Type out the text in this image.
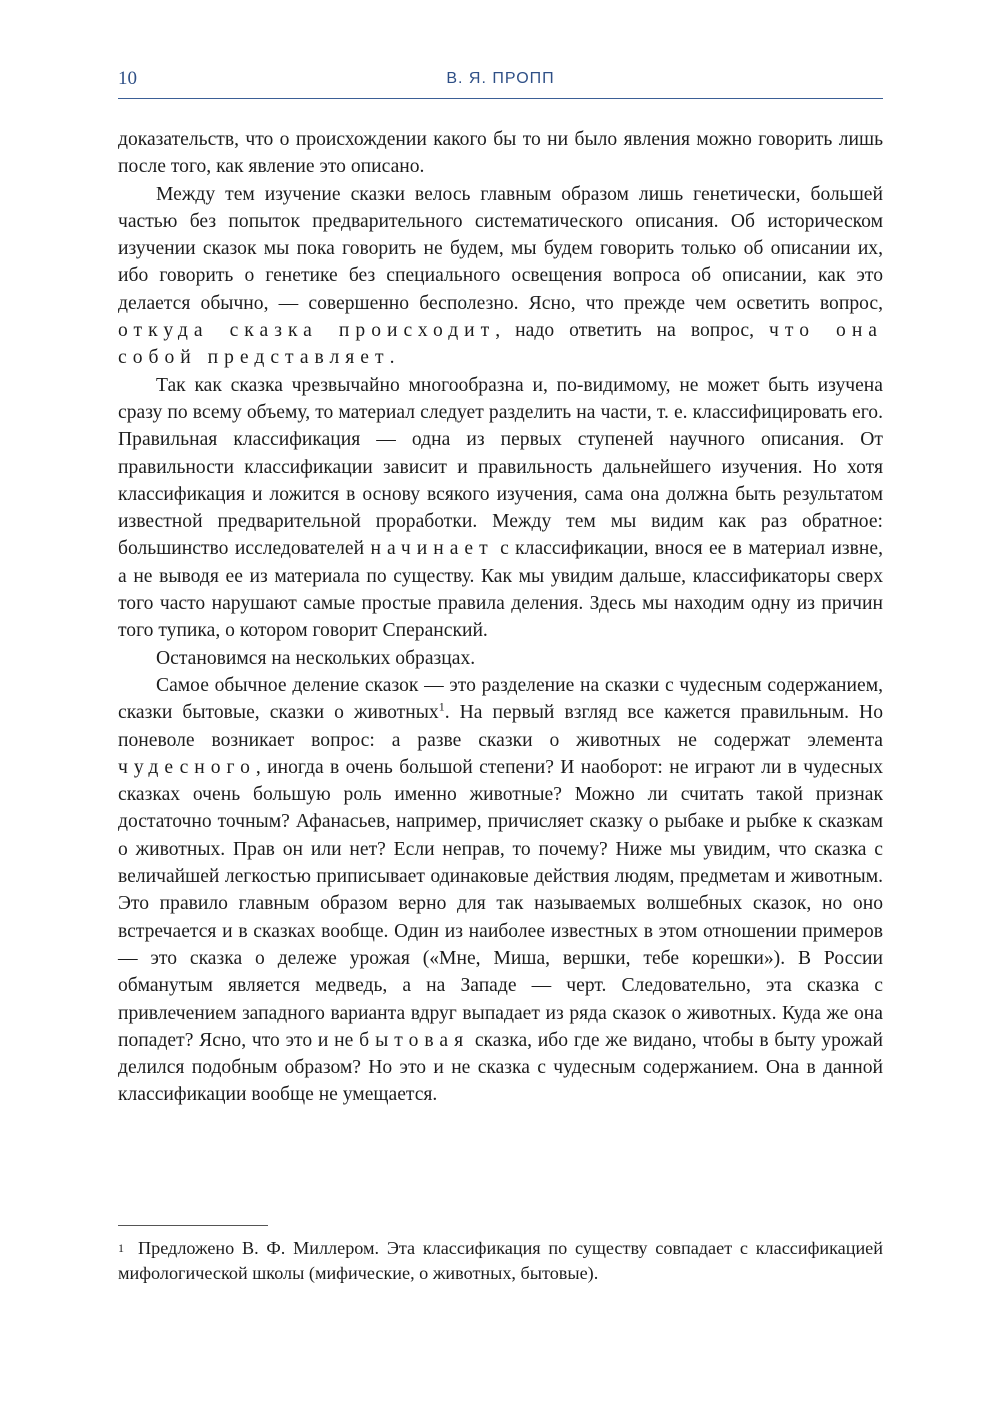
10	В. Я. ПРОПП

доказательств, что о происхождении какого бы то ни было явления можно говорить лишь после того, как явление это описано.

Между тем изучение сказки велось главным образом лишь генетически, большей частью без попыток предварительного систематического описания. Об историческом изучении сказок мы пока говорить не будем, мы будем говорить только об описании их, ибо говорить о генетике без специального освещения вопроса об описании, как это делается обычно, — совершенно бесполезно. Ясно, что прежде чем осветить вопрос, откуда сказка происходит, надо ответить на вопрос, что она собой представляет.

Так как сказка чрезвычайно многообразна и, по-видимому, не может быть изучена сразу по всему объему, то материал следует разделить на части, т. е. классифицировать его. Правильная классификация — одна из первых ступеней научного описания. От правильности классификации зависит и правильность дальнейшего изучения. Но хотя классификация и ложится в основу всякого изучения, сама она должна быть результатом известной предварительной проработки. Между тем мы видим как раз обратное: большинство исследователей начинает с классификации, внося ее в материал извне, а не выводя ее из материала по существу. Как мы увидим дальше, классификаторы сверх того часто нарушают самые простые правила деления. Здесь мы находим одну из причин того тупика, о котором говорит Сперанский.

Остановимся на нескольких образцах.

Самое обычное деление сказок — это разделение на сказки с чудесным содержанием, сказки бытовые, сказки о животных$^1$. На первый взгляд все кажется правильным. Но поневоле возникает вопрос: а разве сказки о животных не содержат элемента чудесного, иногда в очень большой степени? И наоборот: не играют ли в чудесных сказках очень большую роль именно животные? Можно ли считать такой признак достаточно точным? Афанасьев, например, причисляет сказку о рыбаке и рыбке к сказкам о животных. Прав он или нет? Если неправ, то почему? Ниже мы увидим, что сказка с величайшей легкостью приписывает одинаковые действия людям, предметам и животным. Это правило главным образом верно для так называемых волшебных сказок, но оно встречается и в сказках вообще. Один из наиболее известных в этом отношении примеров — это сказка о дележе урожая («Мне, Миша, вершки, тебе корешки»). В России обманутым является медведь, а на Западе — черт. Следовательно, эта сказка с привлечением западного варианта вдруг выпадает из ряда сказок о животных. Куда же она попадет? Ясно, что это и не бытовая сказка, ибо где же видано, чтобы в быту урожай делился подобным образом? Но это и не сказка с чудесным содержанием. Она в данной классификации вообще не умещается.

$^1$ Предложено В. Ф. Миллером. Эта классификация по существу совпадает с классификацией мифологической школы (мифические, о животных, бытовые).
